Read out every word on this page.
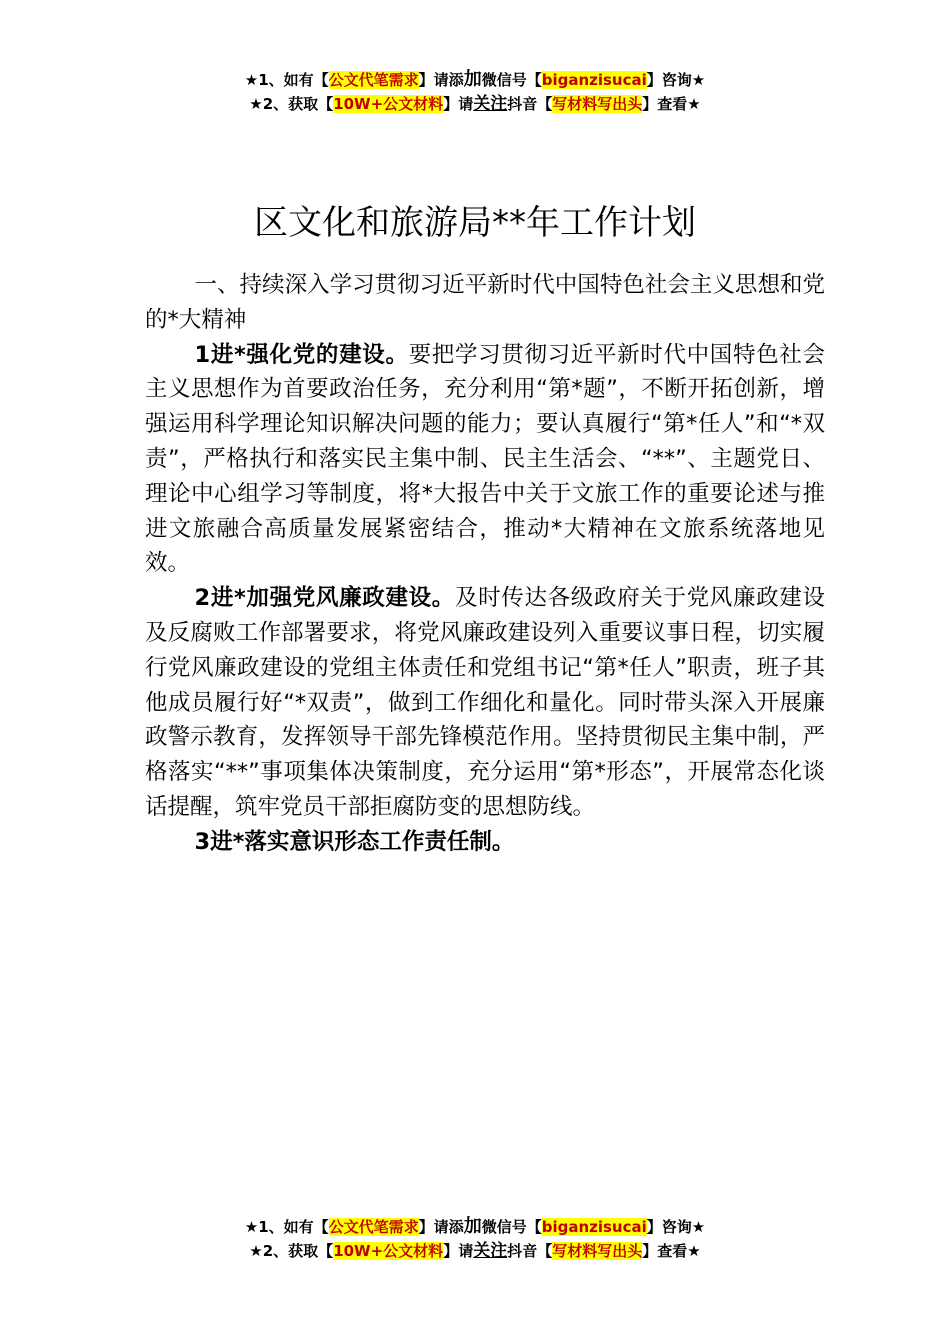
★1、如有【公文代笔需求】请添加微信号【biganzisucai】咨询★
★2、获取【10W+公文材料】请关注抖音【写材料写出头】查看★
区文化和旅游局**年工作计划

一、持续深入学习贯彻习近平新时代中国特色社会主义思想和党的*大精神

1进*强化党的建设。要把学习贯彻习近平新时代中国特色社会主义思想作为首要政治任务，充分利用“第*题”，不断开拓创新，增强运用科学理论知识解决问题的能力；要认真履行“第*任人”和“*双责”，严格执行和落实民主集中制、民主生活会、“**”、主题党日、理论中心组学习等制度，将*大报告中关于文旅工作的重要论述与推进文旅融合高质量发展紧密结合，推动*大精神在文旅系统落地见效。

2进*加强党风廉政建设。及时传达各级政府关于党风廉政建设及反腐败工作部署要求，将党风廉政建设列入重要议事日程，切实履行党风廉政建设的党组主体责任和党组书记“第*任人”职责，班子其他成员履行好“*双责”，做到工作细化和量化。同时带头深入开展廉政警示教育，发挥领导干部先锋模范作用。坚持贯彻民主集中制，严格落实“**”事项集体决策制度，充分运用“第*形态”，开展常态化谈话提醒，筑牢党员干部拒腐防变的思想防线。

3进*落实意识形态工作责任制。

★1、如有【公文代笔需求】请添加微信号【biganzisucai】咨询★
★2、获取【10W+公文材料】请关注抖音【写材料写出头】查看★
